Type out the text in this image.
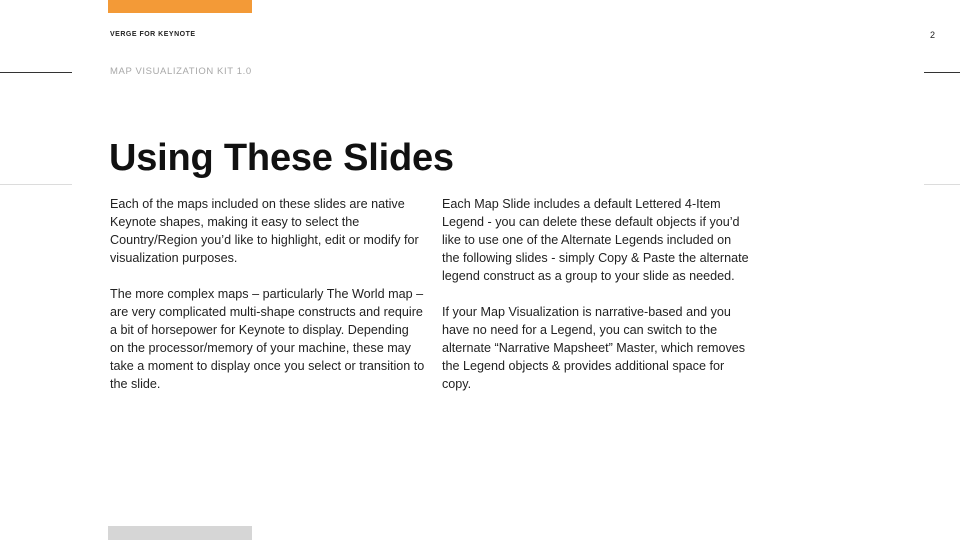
VERGE FOR KEYNOTE	2
MAP VISUALIZATION KIT 1.0
Using These Slides

Each of the maps included on these slides are native Keynote shapes, making it easy to select the Country/Region you’d like to highlight, edit or modify for visualization purposes.

The more complex maps – particularly The World map – are very complicated multi-shape constructs and require a bit of horsepower for Keynote to display. Depending on the processor/memory of your machine, these may take a moment to display once you select or transition to the slide.

Each Map Slide includes a default Lettered 4-Item Legend - you can delete these default objects if you’d like to use one of the Alternate Legends included on the following slides - simply Copy & Paste the alternate legend construct as a group to your slide as needed.

If your Map Visualization is narrative-based and you have no need for a Legend, you can switch to the alternate “Narrative Mapsheet” Master, which removes the Legend objects & provides additional space for copy.
